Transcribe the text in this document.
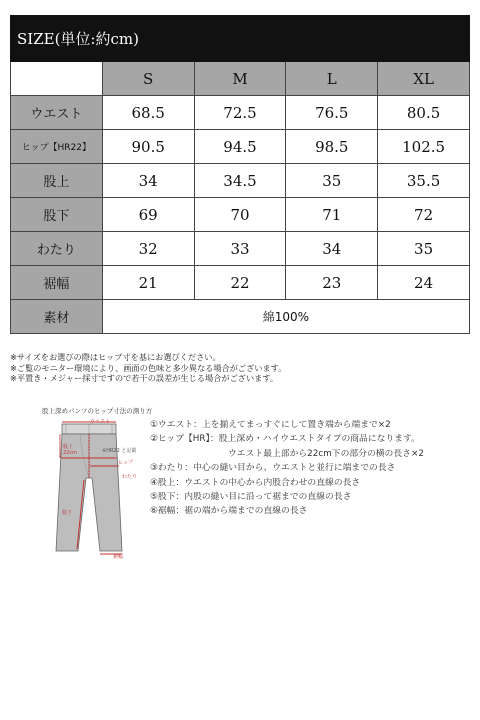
SIZE(単位:約cm)				
	S	M	L	XL
ウエスト	68.5	72.5	76.5	80.5
ヒップ【HR22】	90.5	94.5	98.5	102.5
股上	34	34.5	35	35.5
股下	69	70	71	72
わたり	32	33	34	35
裾幅	21	22	23	24
素材	綿100%			
※サイズをお選びの際はヒップ寸を基にお選びください。
※ご覧のモニター環境により、画面の色味と多少異なる場合がございます。
※平置き・メジャー採寸ですので若干の誤差が生じる場合がございます。
股上深めパンツのヒップ寸法の測り方
ウエスト
股上
22cm	※HR22 と記載
ヒップ
わたり
股下
裾幅
①ウエスト：上を揃えてまっすぐにして置き端から端まで×2
②ヒップ【HR】：股上深め・ハイウエストタイプの商品になります。
ウエスト最上部から22cm下の部分の横の長さ×2
③わたり：中心の縫い目から、ウエストと並行に端までの長さ
④股上：ウエストの中心から内股合わせの直線の長さ
⑤股下：内股の縫い目に沿って裾までの直線の長さ
⑥裾幅：裾の端から端までの直線の長さ
